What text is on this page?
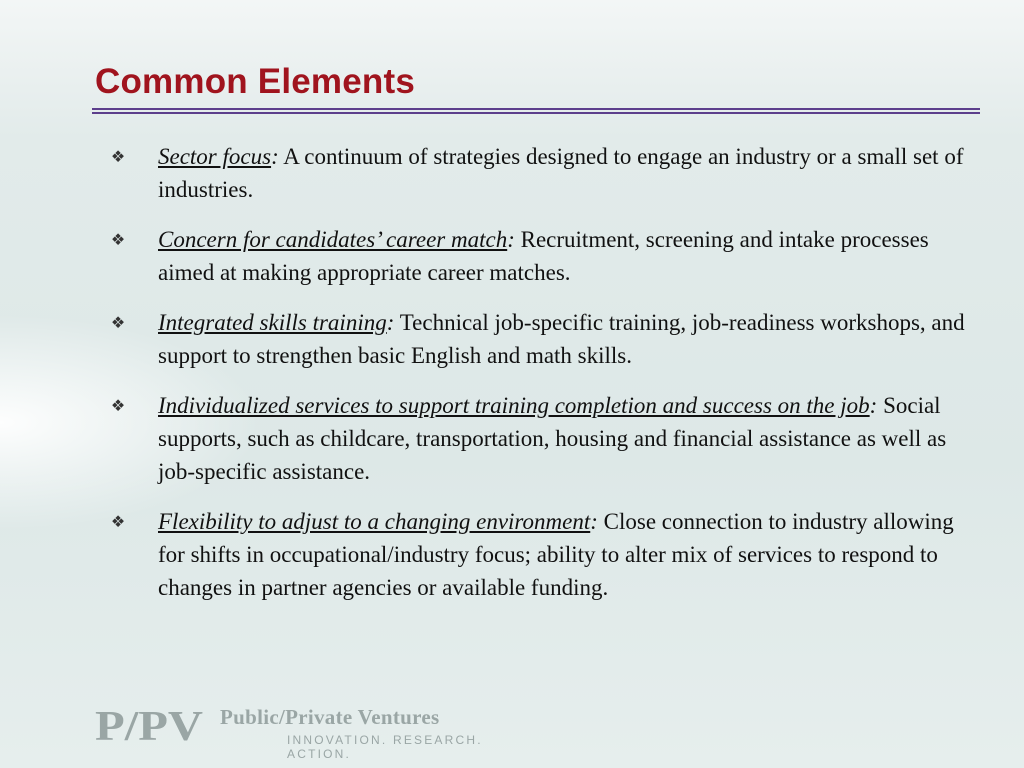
Common Elements
❖ Sector focus: A continuum of strategies designed to engage an industry or a small set of industries.
❖ Concern for candidates’ career match: Recruitment, screening and intake processes aimed at making appropriate career matches.
❖ Integrated skills training: Technical job-specific training, job-readiness workshops, and support to strengthen basic English and math skills.
❖ Individualized services to support training completion and success on the job: Social supports, such as childcare, transportation, housing and financial assistance as well as job-specific assistance.
❖ Flexibility to adjust to a changing environment: Close connection to industry allowing for shifts in occupational/industry focus; ability to alter mix of services to respond to changes in partner agencies or available funding.
P/PV Public/Private Ventures
INNOVATION. RESEARCH. ACTION.
